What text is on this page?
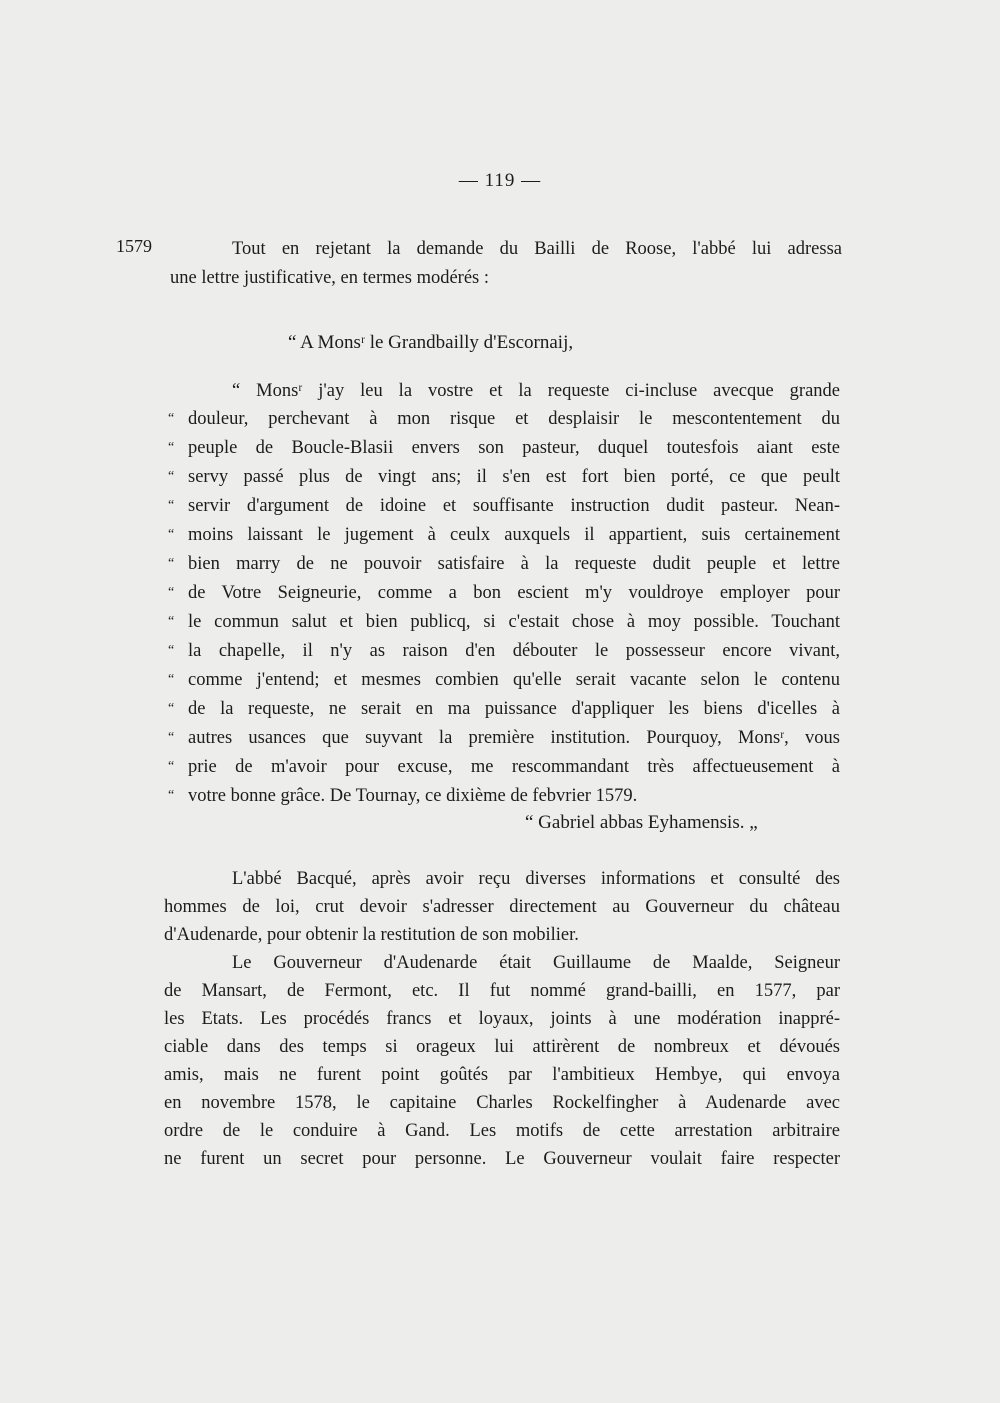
— 119 —
1579	Tout en rejetant la demande du Bailli de Roose, l'abbé lui adressa
une lettre justificative, en termes modérés :
“ A Monsʳ le Grandbailly d'Escornaij,
“ Monsʳ j'ay leu la vostre et la requeste ci-incluse avecque grande
“ douleur, perchevant à mon risque et desplaisir le mescontentement du
“ peuple de Boucle-Blasii envers son pasteur, duquel toutesfois aiant este
“ servy passé plus de vingt ans; il s'en est fort bien porté, ce que peult
“ servir d'argument de idoine et souffisante instruction dudit pasteur. Nean-
“ moins laissant le jugement à ceulx auxquels il appartient, suis certainement
“ bien marry de ne pouvoir satisfaire à la requeste dudit peuple et lettre
“ de Votre Seigneurie, comme a bon escient m'y vouldroye employer pour
“ le commun salut et bien publicq, si c'estait chose à moy possible. Touchant
“ la chapelle, il n'y as raison d'en débouter le possesseur encore vivant,
“ comme j'entend; et mesmes combien qu'elle serait vacante selon le contenu
“ de la requeste, ne serait en ma puissance d'appliquer les biens d'icelles à
“ autres usances que suyvant la première institution. Pourquoy, Monsʳ, vous
“ prie de m'avoir pour excuse, me rescommandant très affectueusement à
“ votre bonne grâce. De Tournay, ce dixième de febvrier 1579.
“ Gabriel abbas Eyhamensis. „
L'abbé Bacqué, après avoir reçu diverses informations et consulté des
hommes de loi, crut devoir s'adresser directement au Gouverneur du château
d'Audenarde, pour obtenir la restitution de son mobilier.
Le Gouverneur d'Audenarde était Guillaume de Maalde, Seigneur
de Mansart, de Fermont, etc. Il fut nommé grand-bailli, en 1577, par
les Etats. Les procédés francs et loyaux, joints à une modération inappré-
ciable dans des temps si orageux lui attirèrent de nombreux et dévoués
amis, mais ne furent point goûtés par l'ambitieux Hembye, qui envoya
en novembre 1578, le capitaine Charles Rockelfingher à Audenarde avec
ordre de le conduire à Gand. Les motifs de cette arrestation arbitraire
ne furent un secret pour personne. Le Gouverneur voulait faire respecter
